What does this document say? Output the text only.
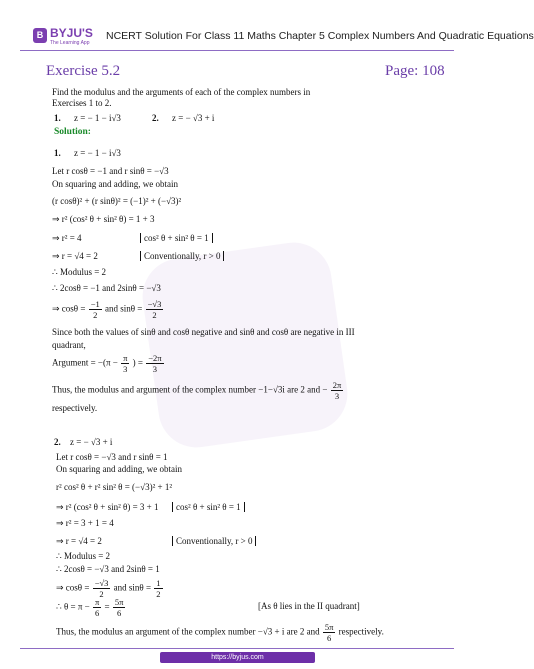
B BYJU'S
The Learning App
NCERT Solution For Class 11 Maths Chapter 5 Complex Numbers And Quadratic Equations
Exercise 5.2	Page: 108
Find the modulus and the arguments of each of the complex numbers in
Exercises 1 to 2.
1. z = − 1 − i√3	2. z = − √3 + i
Solution:
1. z = − 1 − i√3
Let r cosθ = −1 and r sinθ = −√3
On squaring and adding, we obtain
(r cosθ)² + (r sinθ)² = (−1)² + (−√3)²
⇒ r² (cos² θ + sin² θ) = 1 + 3
⇒ r² = 4	cos² θ + sin² θ = 1
⇒ r = √4 = 2	Conventionally, r > 0
∴ Modulus = 2
∴ 2cosθ = −1 and 2sinθ = −√3
⇒ $\cos\theta = \frac{-1}{2}$ and $\sin\theta = \frac{-√3}{2}$
Since both the values of sinθ and cosθ negative and sinθ and cosθ are negative in III
quadrant,
Argument = $-(\pi - \frac{\pi}{3}$ ) = $\frac{-2\pi}{3}$
Thus, the modulus and argument of the complex number −1−√3i are 2 and − $\frac{2\pi}{3}$
respectively.
2. z = − √3 + i
Let r cosθ = −√3 and r sinθ = 1
On squaring and adding, we obtain
r² cos² θ + r² sin² θ = (−√3)² + 1²
⇒ r² (cos² θ + sin² θ) = 3 + 1	cos² θ + sin² θ = 1
⇒ r² = 3 + 1 = 4
⇒ r = √4 = 2	Conventionally, r > 0
∴ Modulus = 2
∴ 2cosθ = −√3 and 2sinθ = 1
⇒ $\cos\theta = \frac{-√3}{2}$ and $\sin\theta = \frac{1}{2}$
∴ $\theta = \pi - \frac{\pi}{6} = \frac{5\pi}{6}$	[As θ lies in the II quadrant]
Thus, the modulus an argument of the complex number −√3 + i are 2 and $\frac{5\pi}{6}$ respectively.
https://byjus.com
